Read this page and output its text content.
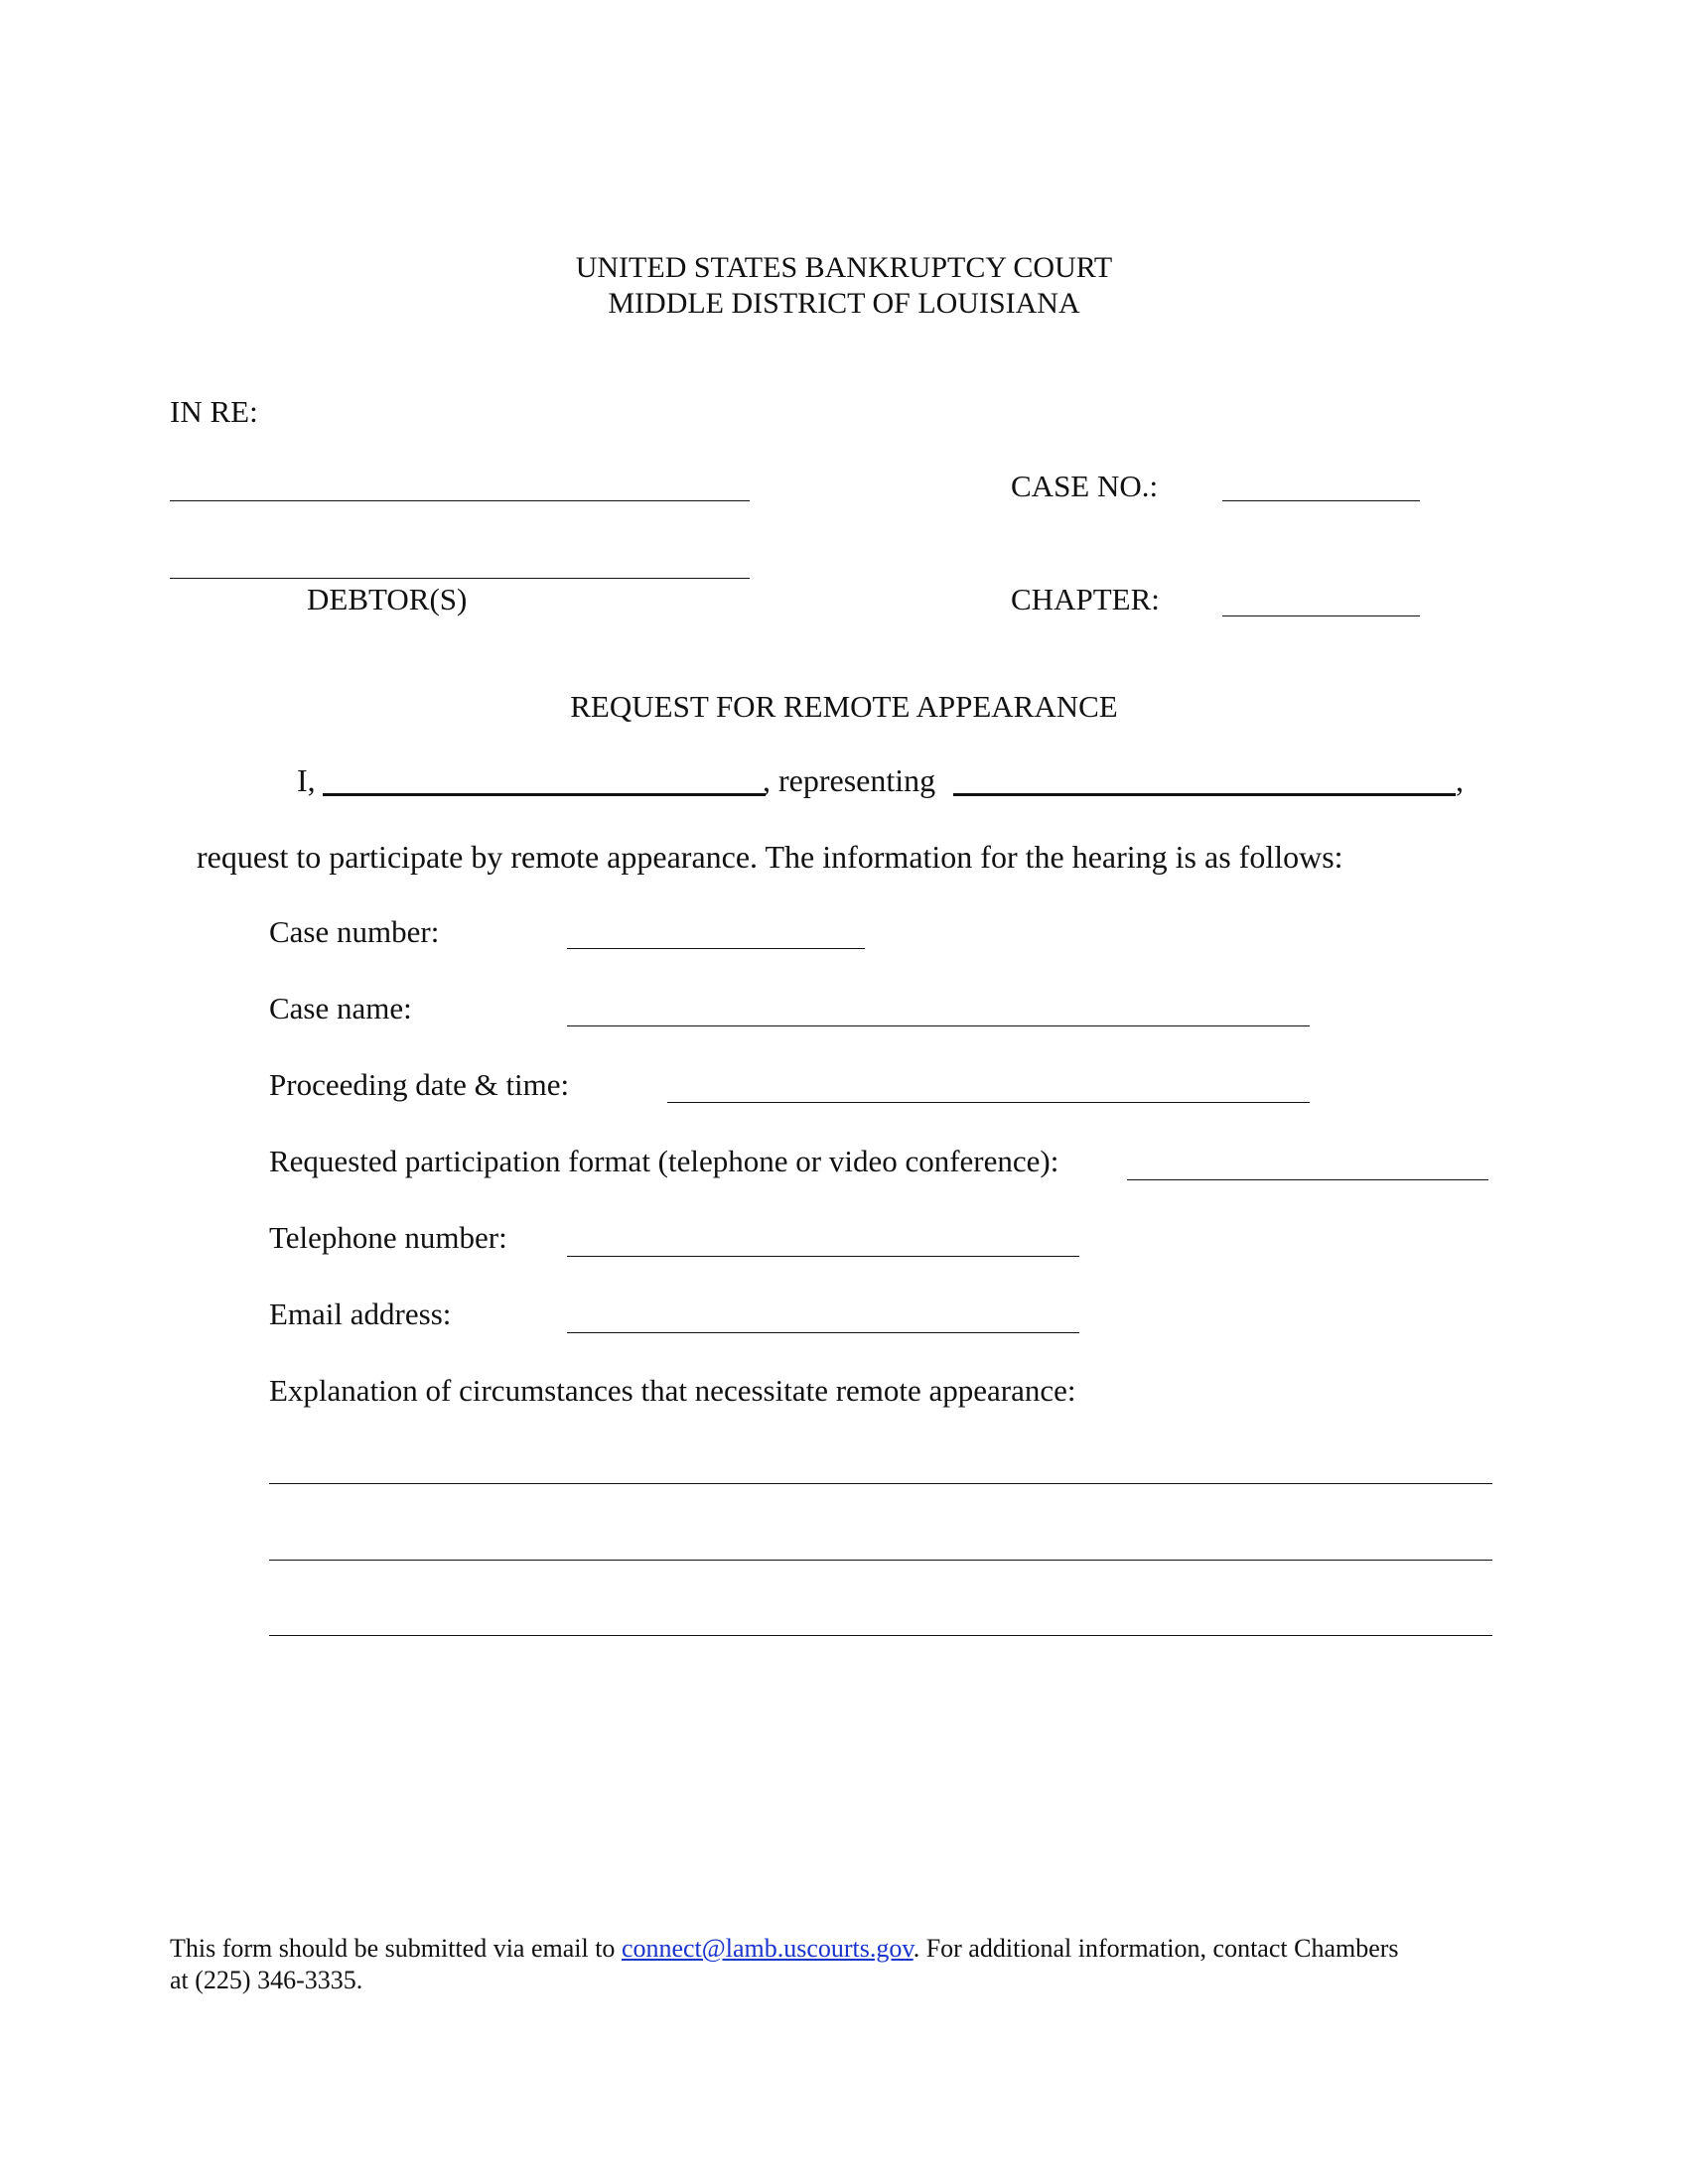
UNITED STATES BANKRUPTCY COURT
MIDDLE DISTRICT OF LOUISIANA
IN RE:
CASE NO.:
DEBTOR(S)	CHAPTER:
REQUEST FOR REMOTE APPEARANCE
I,	, representing	,
request to participate by remote appearance. The information for the hearing is as follows:
Case number:
Case name:
Proceeding date & time:
Requested participation format (telephone or video conference):
Telephone number:
Email address:
Explanation of circumstances that necessitate remote appearance:
This form should be submitted via email to connect@lamb.uscourts.gov. For additional information, contact Chambers
at (225) 346-3335.
